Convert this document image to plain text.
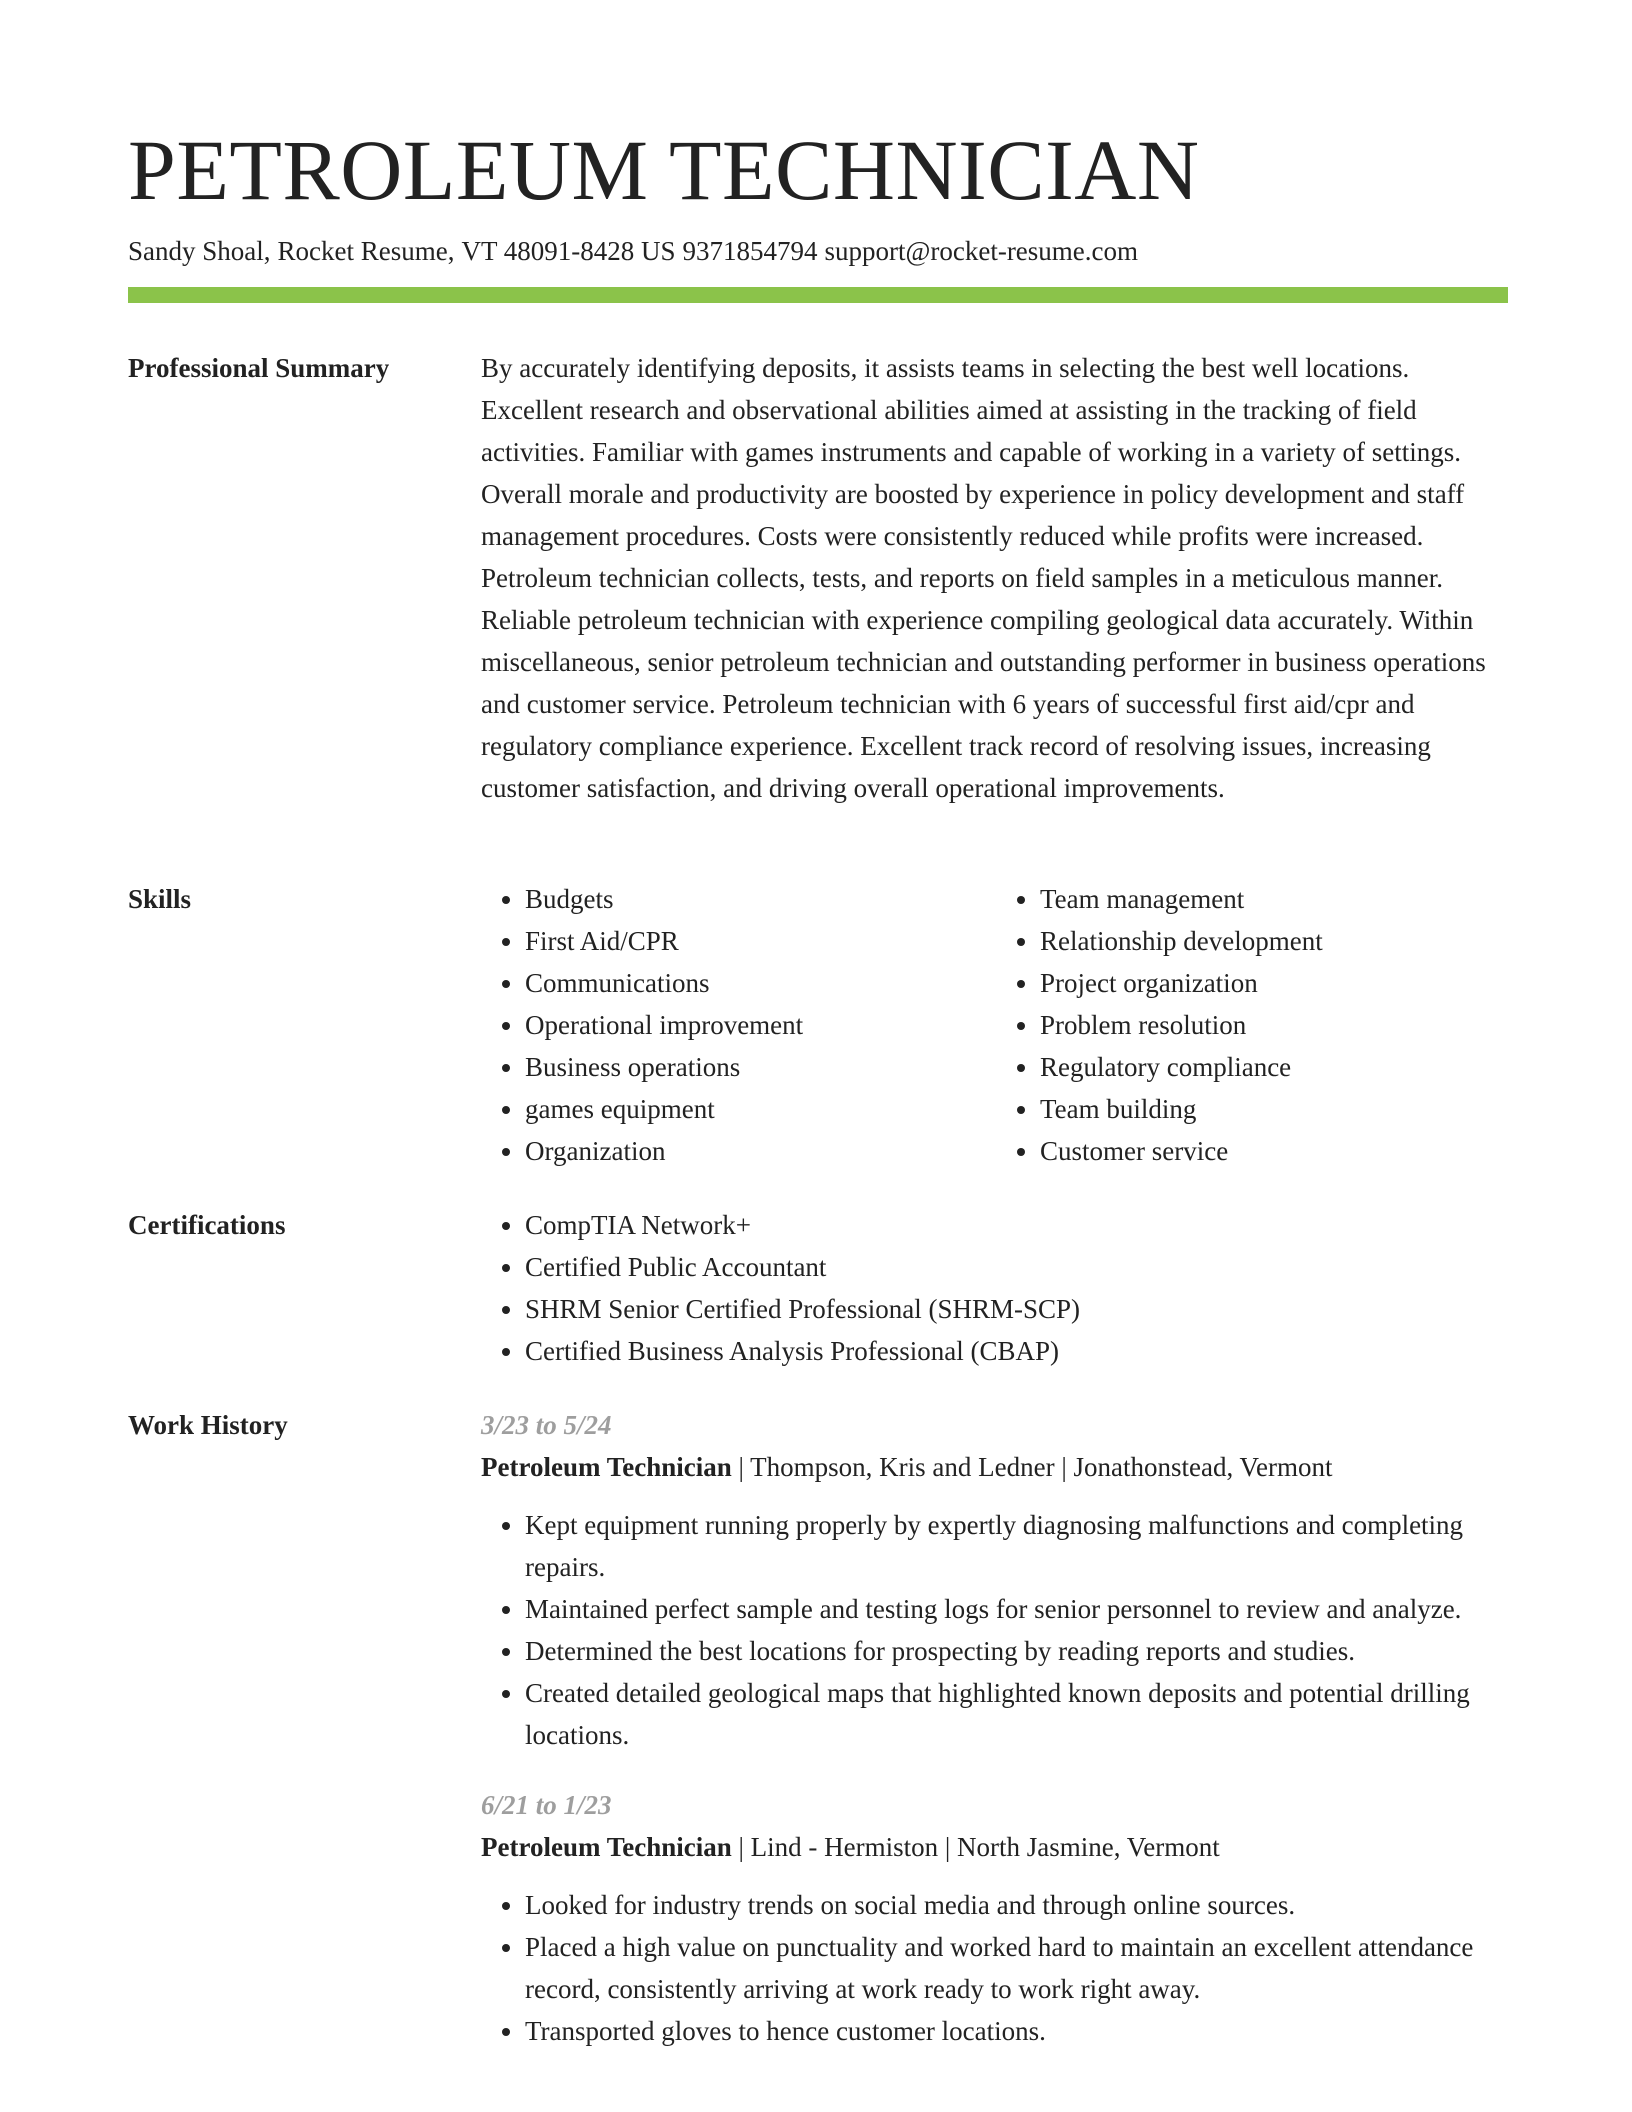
PETROLEUM TECHNICIAN
Sandy Shoal, Rocket Resume, VT 48091-8428 US 9371854794 support@rocket-resume.com
Professional Summary	By accurately identifying deposits, it assists teams in selecting the best well locations. Excellent research and observational abilities aimed at assisting in the tracking of field activities. Familiar with games instruments and capable of working in a variety of settings. Overall morale and productivity are boosted by experience in policy development and staff management procedures. Costs were consistently reduced while profits were increased. Petroleum technician collects, tests, and reports on field samples in a meticulous manner. Reliable petroleum technician with experience compiling geological data accurately. Within miscellaneous, senior petroleum technician and outstanding performer in business operations and customer service. Petroleum technician with 6 years of successful first aid/cpr and regulatory compliance experience. Excellent track record of resolving issues, increasing customer satisfaction, and driving overall operational improvements.
Skills	• Budgets
• First Aid/CPR
• Communications
• Operational improvement
• Business operations
• games equipment
• Organization
• Team management
• Relationship development
• Project organization
• Problem resolution
• Regulatory compliance
• Team building
• Customer service
Certifications	• CompTIA Network+
• Certified Public Accountant
• SHRM Senior Certified Professional (SHRM-SCP)
• Certified Business Analysis Professional (CBAP)
Work History	3/23 to 5/24
Petroleum Technician | Thompson, Kris and Ledner | Jonathonstead, Vermont
• Kept equipment running properly by expertly diagnosing malfunctions and completing repairs.
• Maintained perfect sample and testing logs for senior personnel to review and analyze.
• Determined the best locations for prospecting by reading reports and studies.
• Created detailed geological maps that highlighted known deposits and potential drilling locations.
6/21 to 1/23
Petroleum Technician | Lind - Hermiston | North Jasmine, Vermont
• Looked for industry trends on social media and through online sources.
• Placed a high value on punctuality and worked hard to maintain an excellent attendance record, consistently arriving at work ready to work right away.
• Transported gloves to hence customer locations.
